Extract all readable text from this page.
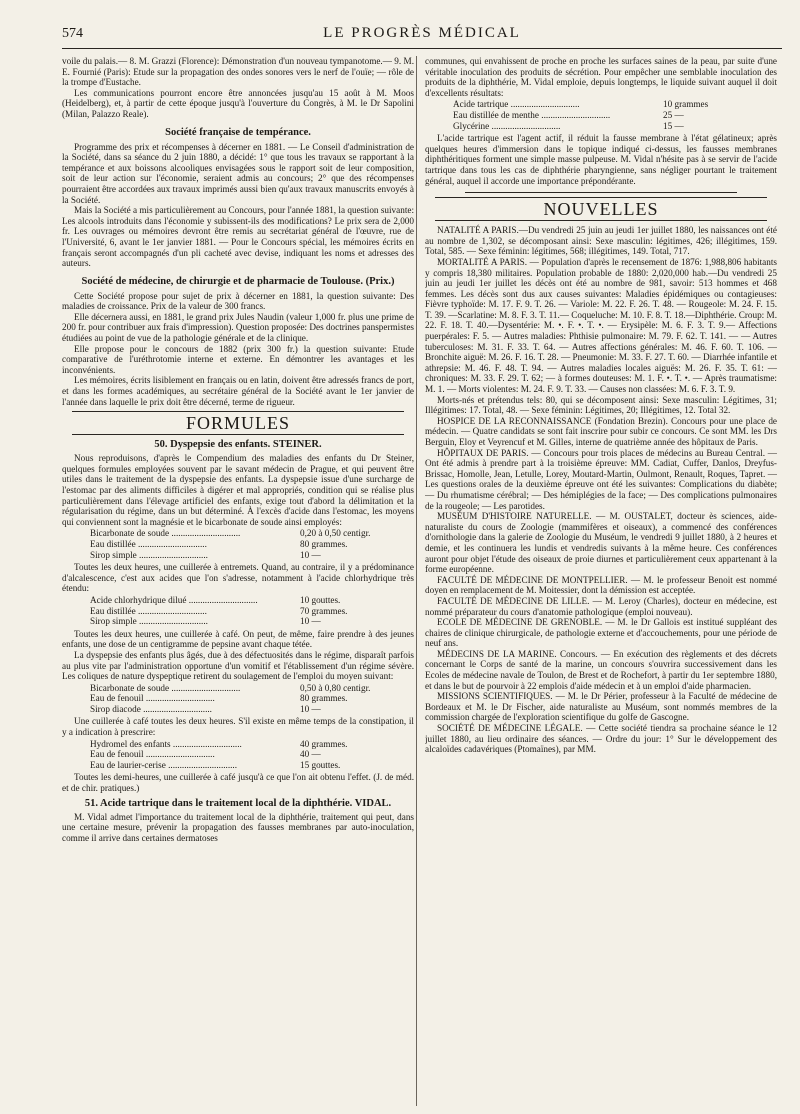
574	LE PROGRÈS MÉDICAL

voile du palais.— 8. M. Grazzi (Florence): Démonstration d'un nouveau tympanotome.— 9. M. E. Fournié (Paris): Etude sur la propagation des ondes sonores vers le nerf de l'ouïe; — rôle de la trompe d'Eustache.

Les communications pourront encore être annoncées jusqu'au 15 août à M. Moos (Heidelberg), et, à partir de cette époque jusqu'à l'ouverture du Congrès, à M. le Dr Sapolini (Milan, Palazzo Reale).

Société française de tempérance.

Programme des prix et récompenses à décerner en 1881. — Le Conseil d'administration de la Société, dans sa séance du 2 juin 1880, a décidé: 1° que tous les travaux se rapportant à la tempérance et aux boissons alcooliques envisagées sous le rapport soit de leur composition, soit de leur action sur l'économie, seraient admis au concours; 2° que des récompenses pourraient être accordées aux travaux imprimés aussi bien qu'aux travaux manuscrits envoyés à la Société.

Mais la Société a mis particulièrement au Concours, pour l'année 1881, la question suivante: Les alcools introduits dans l'économie y subissent-ils des modifications? Le prix sera de 2,000 fr. Les ouvrages ou mémoires devront être remis au secrétariat général de l'œuvre, rue de l'Université, 6, avant le 1er janvier 1881. — Pour le Concours spécial, les mémoires écrits en français seront accompagnés d'un pli cacheté avec devise, indiquant les noms et adresses des auteurs.

Société de médecine, de chirurgie et de pharmacie de Toulouse. (Prix.)

Cette Société propose pour sujet de prix à décerner en 1881, la question suivante: Des maladies de croissance. Prix de la valeur de 300 francs.

Elle décernera aussi, en 1881, le grand prix Jules Naudin (valeur 1,000 fr. plus une prime de 200 fr. pour contribuer aux frais d'impression). Question proposée: Des doctrines panspermistes étudiées au point de vue de la pathologie générale et de la clinique.

Elle propose pour le concours de 1882 (prix 300 fr.) la question suivante: Etude comparative de l'uréthrotomie interne et externe. En démontrer les avantages et les inconvénients.

Les mémoires, écrits lisiblement en français ou en latin, doivent être adressés francs de port, et dans les formes académiques, au secrétaire général de la Société avant le 1er janvier de l'année dans laquelle le prix doit être décerné, terme de rigueur.

FORMULES
50. Dyspepsie des enfants. STEINER.

Nous reproduisons, d'après le Compendium des maladies des enfants du Dr Steiner, quelques formules employées souvent par le savant médecin de Prague, et qui peuvent être utiles dans le traitement de la dyspepsie des enfants. La dyspepsie issue d'une surcharge de l'estomac par des aliments difficiles à digérer et mal appropriés, condition qui se réalise plus particulièrement dans l'élevage artificiel des enfants, exige tout d'abord la délimitation et la régularisation du régime, dans un but déterminé. À l'excès d'acide dans l'estomac, les moyens qui conviennent sont la magnésie et le bicarbonate de soude ainsi employés:

Bicarbonate de soude ..............................	0,20 à 0,50 centigr.
Eau distillée ..............................	80 grammes.
Sirop simple ..............................	10 —

Toutes les deux heures, une cuillerée à entremets. Quand, au contraire, il y a prédominance d'alcalescence, c'est aux acides que l'on s'adresse, notamment à l'acide chlorhydrique très étendu:

Acide chlorhydrique dilué ..............................	10 gouttes.
Eau distillée ..............................	70 grammes.
Sirop simple ..............................	10 —

Toutes les deux heures, une cuillerée à café. On peut, de même, faire prendre à des jeunes enfants, une dose de un centigramme de pepsine avant chaque tétée.

La dyspepsie des enfants plus âgés, due à des défectuosités dans le régime, disparaît parfois au plus vite par l'administration opportune d'un vomitif et l'établissement d'un régime sévère. Les coliques de nature dyspeptique retirent du soulagement de l'emploi du moyen suivant:

Bicarbonate de soude ..............................	0,50 à 0,80 centigr.
Eau de fenouil ..............................	80 grammes.
Sirop diacode ..............................	10 —

Une cuillerée à café toutes les deux heures. S'il existe en même temps de la constipation, il y a indication à prescrire:

Hydromel des enfants ..............................	40 grammes.
Eau de fenouil ..............................	40 —
Eau de laurier-cerise ..............................	15 gouttes.

Toutes les demi-heures, une cuillerée à café jusqu'à ce que l'on ait obtenu l'effet. (J. de méd. et de chir. pratiques.)

51. Acide tartrique dans le traitement local de la diphthérie. VIDAL.

M. Vidal admet l'importance du traitement local de la diphthérie, traitement qui peut, dans une certaine mesure, prévenir la propagation des fausses membranes par auto-inoculation, comme il arrive dans certaines dermatoses

communes, qui envahissent de proche en proche les surfaces saines de la peau, par suite d'une véritable inoculation des produits de sécrétion. Pour empêcher une semblable inoculation des produits de la diphthérie, M. Vidal emploie, depuis longtemps, le liquide suivant auquel il doit d'excellents résultats:

Acide tartrique ..............................	10 grammes
Eau distillée de menthe ..............................	25 —
Glycérine ..............................	15 —

L'acide tartrique est l'agent actif, il réduit la fausse membrane à l'état gélatineux; après quelques heures d'immersion dans le topique indiqué ci-dessus, les fausses membranes diphthéritiques forment une simple masse pulpeuse. M. Vidal n'hésite pas à se servir de l'acide tartrique dans tous les cas de diphthérie pharyngienne, sans négliger pourtant le traitement général, auquel il accorde une importance prépondérante.

NOUVELLES

NATALITÉ A PARIS.—Du vendredi 25 juin au jeudi 1er juillet 1880, les naissances ont été au nombre de 1,302, se décomposant ainsi: Sexe masculin: légitimes, 426; illégitimes, 159. Total, 585. — Sexe féminin: légitimes, 568; illégitimes, 149. Total, 717.

MORTALITÉ A PARIS. — Population d'après le recensement de 1876: 1,988,806 habitants y compris 18,380 militaires. Population probable de 1880: 2,020,000 hab.—Du vendredi 25 juin au jeudi 1er juillet les décès ont été au nombre de 981, savoir: 513 hommes et 468 femmes. Les décès sont dus aux causes suivantes: Maladies épidémiques ou contagieuses: Fièvre typhoïde: M. 17. F. 9. T. 26. — Variole: M. 22. F. 26. T. 48. — Rougeole: M. 24. F. 15. T. 39. —Scarlatine: M. 8. F. 3. T. 11.— Coqueluche: M. 10. F. 8. T. 18.—Diphthérie. Croup: M. 22. F. 18. T. 40.—Dysentérie: M. •. F. •. T. •. — Erysipèle: M. 6. F. 3. T. 9.— Affections puerpérales: F. 5. — Autres maladies: Phthisie pulmonaire: M. 79. F. 62. T. 141. — — Autres tuberculoses: M. 31. F. 33. T. 64. — Autres affections générales: M. 46. F. 60. T. 106. — Bronchite aiguë: M. 26. F. 16. T. 28. — Pneumonie: M. 33. F. 27. T. 60. — Diarrhée infantile et athrepsie: M. 46. F. 48. T. 94. — Autres maladies locales aiguës: M. 26. F. 35. T. 61: — chroniques: M. 33. F. 29. T. 62; — à formes douteuses: M. 1. F. •. T. •. — Après traumatisme: M. 1. — Morts violentes: M. 24. F. 9. T. 33. — Causes non classées: M. 6. F. 3. T. 9.

Morts-nés et prétendus tels: 80, qui se décomposent ainsi: Sexe masculin: Légitimes, 31; Illégitimes: 17. Total, 48. — Sexe féminin: Légitimes, 20; Illégitimes, 12. Total 32.

HOSPICE DE LA RECONNAISSANCE (Fondation Brezin). Concours pour une place de médecin. — Quatre candidats se sont fait inscrire pour subir ce concours. Ce sont MM. les Drs Berguin, Eloy et Veyrencuf et M. Gilles, interne de quatrième année des hôpitaux de Paris.

HÔPITAUX DE PARIS. — Concours pour trois places de médecins au Bureau Central. — Ont été admis à prendre part à la troisième épreuve: MM. Cadiat, Cuffer, Danlos, Dreyfus-Brissac, Homolle, Jean, Letulle, Lorey, Moutard-Martin, Oulmont, Renault, Roques, Tapret. — Les questions orales de la deuxième épreuve ont été les suivantes: Complications du diabète; — Du rhumatisme cérébral; — Des hémiplégies de la face; — Des complications pulmonaires de la rougeole; — Les parotides.

MUSÉUM D'HISTOIRE NATURELLE. — M. OUSTALET, docteur ès sciences, aide-naturaliste du cours de Zoologie (mammifères et oiseaux), a commencé des conférences d'ornithologie dans la galerie de Zoologie du Muséum, le vendredi 9 juillet 1880, à 2 heures et demie, et les continuera les lundis et vendredis suivants à la même heure. Ces conférences auront pour objet l'étude des oiseaux de proie diurnes et particulièrement ceux appartenant à la forme européenne.

FACULTÉ DE MÉDECINE DE MONTPELLIER. — M. le professeur Benoit est nommé doyen en remplacement de M. Moitessier, dont la démission est acceptée.

FACULTÉ DE MÉDECINE DE LILLE. — M. Leroy (Charles), docteur en médecine, est nommé préparateur du cours d'anatomie pathologique (emploi nouveau).

ECOLE DE MÉDECINE DE GRENOBLE. — M. le Dr Gallois est institué suppléant des chaires de clinique chirurgicale, de pathologie externe et d'accouchements, pour une période de neuf ans.

MÉDECINS DE LA MARINE. Concours. — En exécution des règlements et des décrets concernant le Corps de santé de la marine, un concours s'ouvrira successivement dans les Ecoles de médecine navale de Toulon, de Brest et de Rochefort, à partir du 1er septembre 1880, et dans le but de pourvoir à 22 emplois d'aide médecin et à un emploi d'aide pharmacien.

MISSIONS SCIENTIFIQUES. — M. le Dr Périer, professeur à la Faculté de médecine de Bordeaux et M. le Dr Fischer, aide naturaliste au Muséum, sont nommés membres de la commission chargée de l'exploration scientifique du golfe de Gascogne.

SOCIÉTÉ DE MÉDECINE LÉGALE. — Cette société tiendra sa prochaine séance le 12 juillet 1880, au lieu ordinaire des séances. — Ordre du jour: 1° Sur le développement des alcaloïdes cadavériques (Ptomaïnes), par MM.
